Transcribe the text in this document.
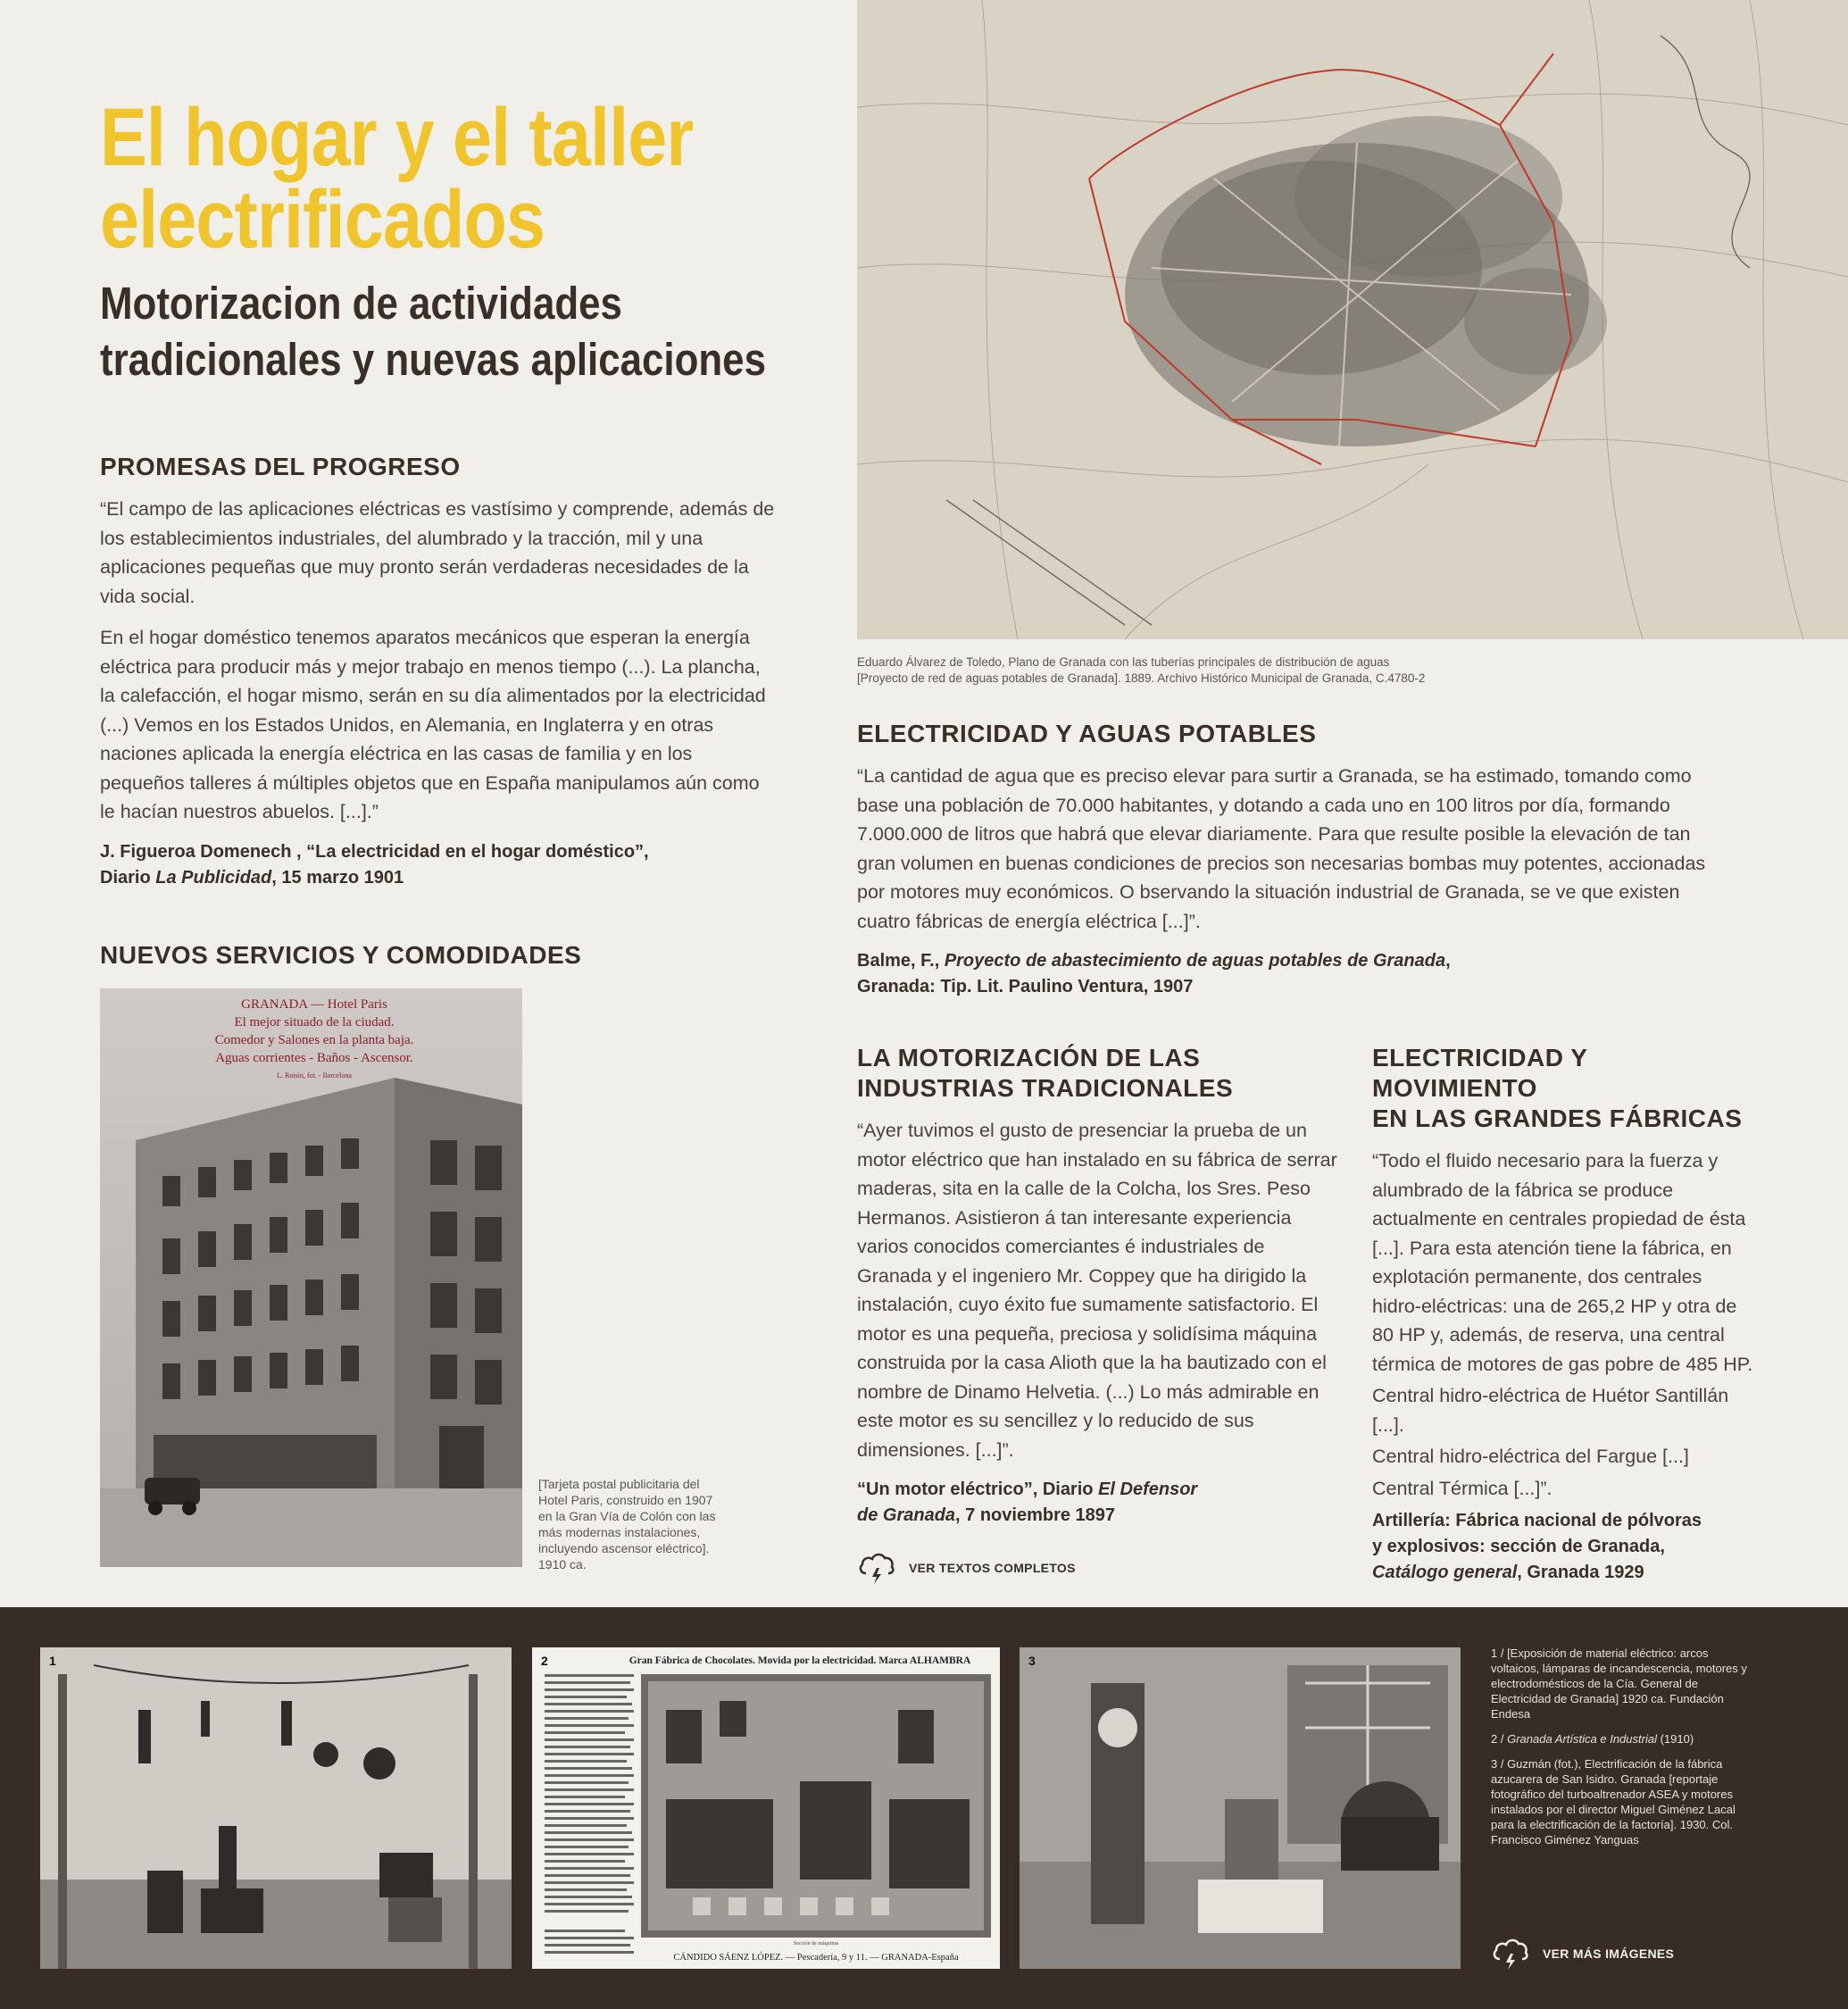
El hogar y el taller
electrificados
Motorizacion de actividades
tradicionales y nuevas aplicaciones
PROMESAS DEL PROGRESO

“El campo de las aplicaciones eléctricas es vastísimo y comprende, además de los establecimientos industriales, del alumbrado y la tracción, mil y una aplicaciones pequeñas que muy pronto serán verdaderas necesidades de la vida social.

En el hogar doméstico tenemos aparatos mecánicos que esperan la energía eléctrica para producir más y mejor trabajo en menos tiempo (...). La plancha, la calefacción, el hogar mismo, serán en su día alimentados por la electricidad (...) Vemos en los Estados Unidos, en Alemania, en Inglaterra y en otras naciones aplicada la energía eléctrica en las casas de familia y en los pequeños talleres á múltiples objetos que en España manipulamos aún como le hacían nuestros abuelos. [...].”

J. Figueroa Domenech , “La electricidad en el hogar doméstico”,
Diario La Publicidad, 15 marzo 1901
NUEVOS SERVICIOS Y COMODIDADES
GRANADA — Hotel Paris
El mejor situado de la ciudad.
Comedor y Salones en la planta baja.
Aguas corrientes - Baños - Ascensor.
L. Roisin, fot. - Barcelona
[Tarjeta postal publicitaria del Hotel Paris, construido en 1907 en la Gran Vía de Colón con las más modernas instalaciones, incluyendo ascensor eléctrico]. 1910 ca.
Eduardo Álvarez de Toledo, Plano de Granada con las tuberías principales de distribución de aguas
[Proyecto de red de aguas potables de Granada]. 1889. Archivo Histórico Municipal de Granada, C.4780-2
ELECTRICIDAD Y AGUAS POTABLES

“La cantidad de agua que es preciso elevar para surtir a Granada, se ha estimado, tomando como base una población de 70.000 habitantes, y dotando a cada uno en 100 litros por día, formando 7.000.000 de litros que habrá que elevar diariamente. Para que resulte posible la elevación de tan gran volumen en buenas condiciones de precios son necesarias bombas muy potentes, accionadas por motores muy económicos. O bservando la situación industrial de Granada, se ve que existen cuatro fábricas de energía eléctrica [...]”.

Balme, F., Proyecto de abastecimiento de aguas potables de Granada,
Granada: Tip. Lit. Paulino Ventura, 1907
LA MOTORIZACIÓN DE LAS
INDUSTRIAS TRADICIONALES

“Ayer tuvimos el gusto de presenciar la prueba de un motor eléctrico que han instalado en su fábrica de serrar maderas, sita en la calle de la Colcha, los Sres. Peso Hermanos. Asistieron á tan interesante experiencia varios conocidos comerciantes é industriales de Granada y el ingeniero Mr. Coppey que ha dirigido la instalación, cuyo éxito fue sumamente satisfactorio. El motor es una pequeña, preciosa y solidísima máquina construida por la casa Alioth que la ha bautizado con el nombre de Dinamo Helvetia. (...) Lo más admirable en este motor es su sencillez y lo reducido de sus dimensiones. [...]”.

“Un motor eléctrico”, Diario El Defensor
de Granada, 7 noviembre 1897
VER TEXTOS COMPLETOS
ELECTRICIDAD Y MOVIMIENTO
EN LAS GRANDES FÁBRICAS

“Todo el fluido necesario para la fuerza y alumbrado de la fábrica se produce actualmente en centrales propiedad de ésta [...]. Para esta atención tiene la fábrica, en explotación permanente, dos centrales hidro-eléctricas: una de 265,2 HP y otra de 80 HP y, además, de reserva, una central térmica de motores de gas pobre de 485 HP.

Central hidro-eléctrica de Huétor Santillán [...].

Central hidro-eléctrica del Fargue [...]

Central Térmica [...]”.

Artillería: Fábrica nacional de pólvoras
y explosivos: sección de Granada,
Catálogo general, Granada 1929
1	2	Gran Fábrica de Chocolates. Movida por la electricidad. Marca ALHAMBRA
Sección de máquinas
CÁNDIDO SÁENZ LÓPEZ. — Pescadería, 9 y 11. — GRANADA-España
3

1 / [Exposición de material eléctrico: arcos voltaicos, lámparas de incandescencia, motores y electrodomésticos de la Cía. General de Electricidad de Granada] 1920 ca. Fundación Endesa

2 / Granada Artística e Industrial (1910)

3 / Guzmán (fot.), Electrificación de la fábrica azucarera de San Isidro. Granada [reportaje fotográfico del turboaltrenador ASEA y motores instalados por el director Miguel Giménez Lacal para la electrificación de la factoría]. 1930. Col. Francisco Giménez Yanguas

VER MÁS IMÁGENES
